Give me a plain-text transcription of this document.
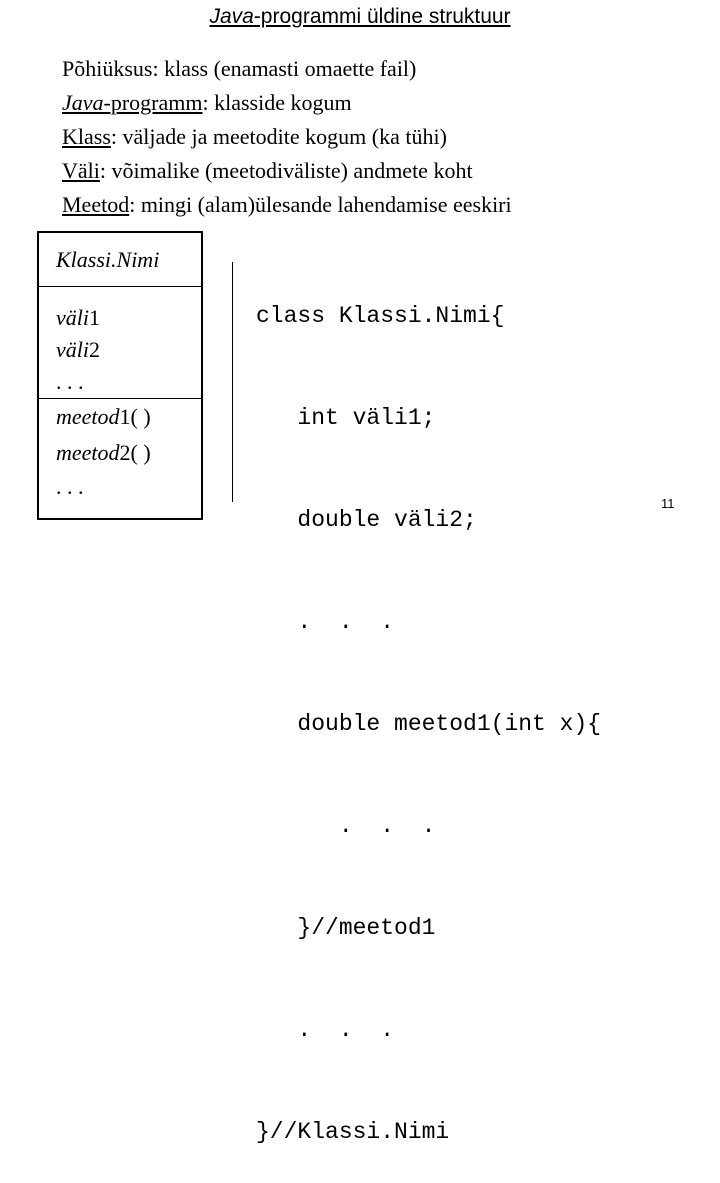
Java-programmi üldine struktuur
Põhiüksus: klass (enamasti omaette fail)
Java-programm: klasside kogum
Klass: väljade ja meetodite kogum (ka tühi)
Väli: võimalike (meetodiväliste) andmete koht
Meetod: mingi (alam)ülesande lahendamise eeskiri
Klassi.Nimi
väli1
väli2
. . .
meetod1( )
meetod2( )
. . .

class Klassi.Nimi{

int väli1;

double väli2;

.  .  .

double meetod1(int x){

.  .  .

}//meetod1

.  .  .

}//Klassi.Nimi

11
